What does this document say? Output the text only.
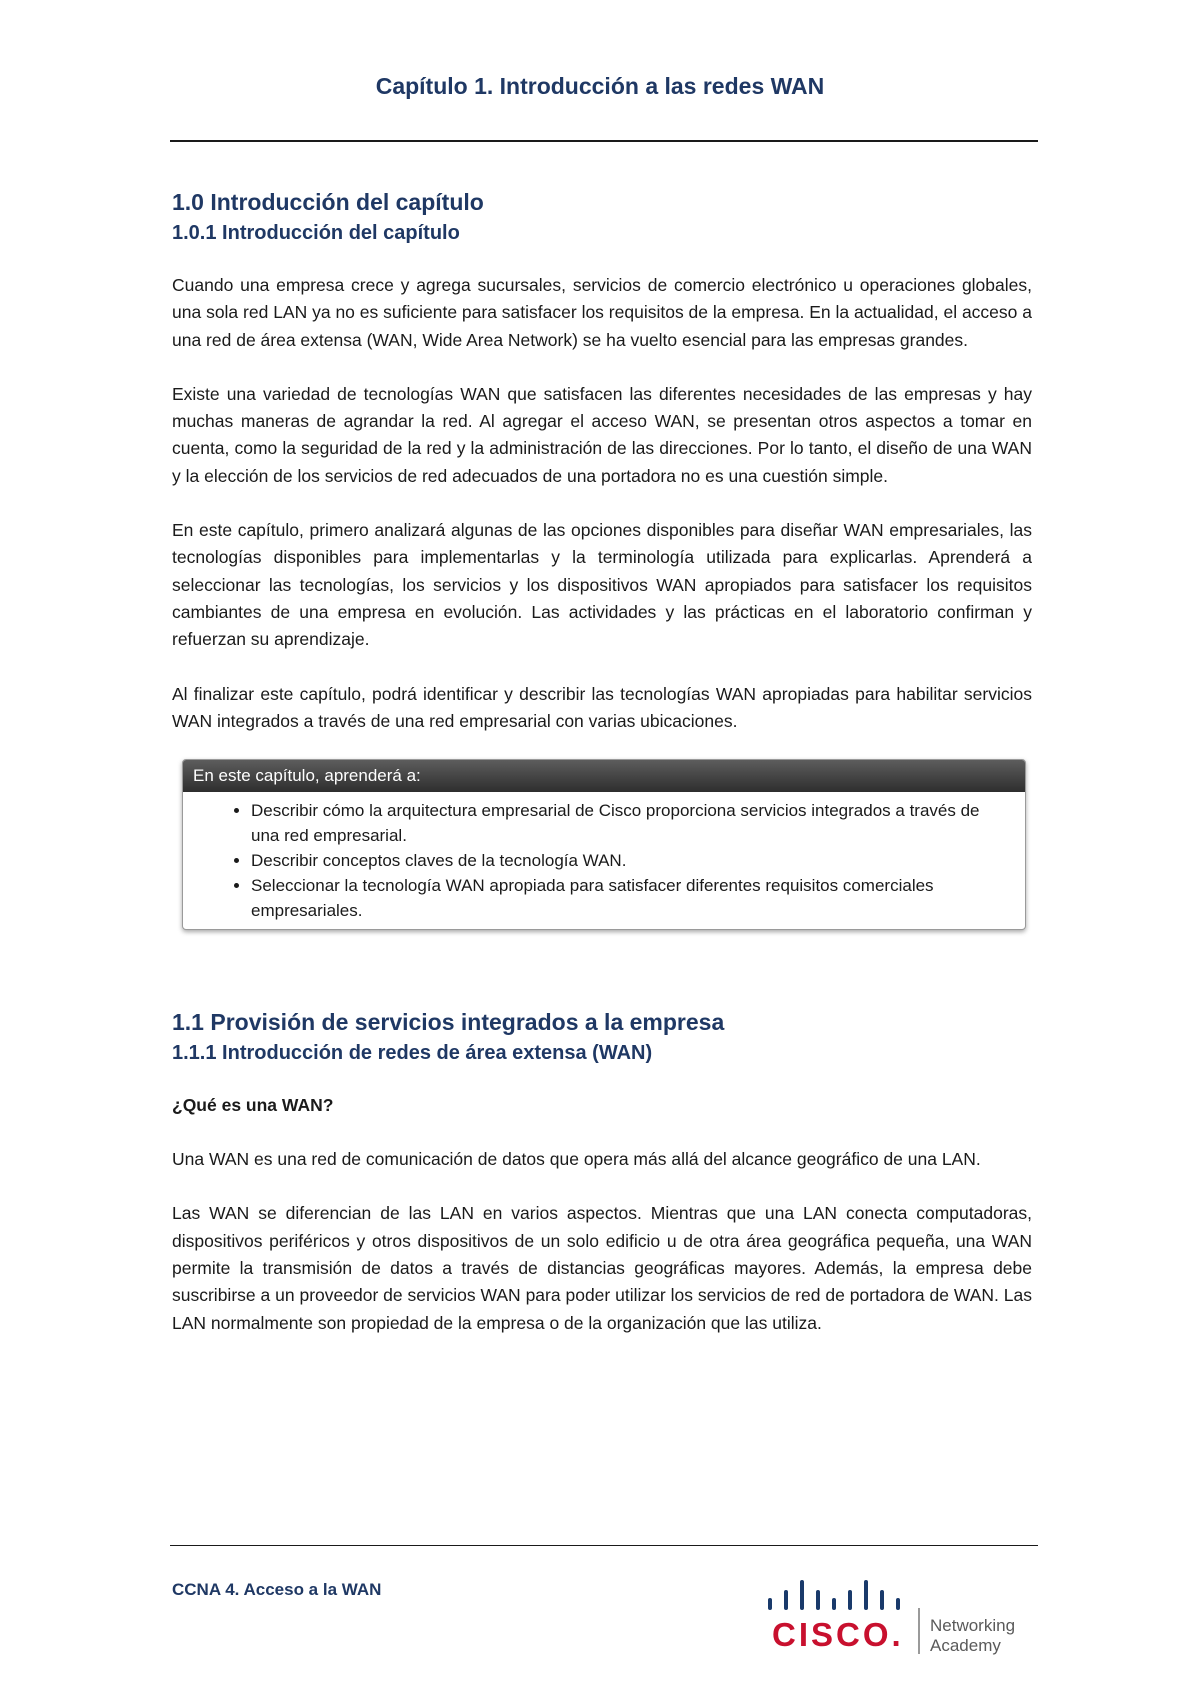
Capítulo 1. Introducción a las redes WAN
1.0 Introducción del capítulo
1.0.1 Introducción del capítulo

Cuando una empresa crece y agrega sucursales, servicios de comercio electrónico u operaciones globales, una sola red LAN ya no es suficiente para satisfacer los requisitos de la empresa. En la actualidad, el acceso a una red de área extensa (WAN, Wide Area Network) se ha vuelto esencial para las empresas grandes.

Existe una variedad de tecnologías WAN que satisfacen las diferentes necesidades de las empresas y hay muchas maneras de agrandar la red. Al agregar el acceso WAN, se presentan otros aspectos a tomar en cuenta, como la seguridad de la red y la administración de las direcciones. Por lo tanto, el diseño de una WAN y la elección de los servicios de red adecuados de una portadora no es una cuestión simple.

En este capítulo, primero analizará algunas de las opciones disponibles para diseñar WAN empresariales, las tecnologías disponibles para implementarlas y la terminología utilizada para explicarlas. Aprenderá a seleccionar las tecnologías, los servicios y los dispositivos WAN apropiados para satisfacer los requisitos cambiantes de una empresa en evolución. Las actividades y las prácticas en el laboratorio confirman y refuerzan su aprendizaje.

Al finalizar este capítulo, podrá identificar y describir las tecnologías WAN apropiadas para habilitar servicios WAN integrados a través de una red empresarial con varias ubicaciones.

En este capítulo, aprenderá a:
• Describir cómo la arquitectura empresarial de Cisco proporciona servicios integrados a través de una red empresarial.
• Describir conceptos claves de la tecnología WAN.
• Seleccionar la tecnología WAN apropiada para satisfacer diferentes requisitos comerciales empresariales.
1.1 Provisión de servicios integrados a la empresa
1.1.1 Introducción de redes de área extensa (WAN)

¿Qué es una WAN?

Una WAN es una red de comunicación de datos que opera más allá del alcance geográfico de una LAN.

Las WAN se diferencian de las LAN en varios aspectos. Mientras que una LAN conecta computadoras, dispositivos periféricos y otros dispositivos de un solo edificio u de otra área geográfica pequeña, una WAN permite la transmisión de datos a través de distancias geográficas mayores. Además, la empresa debe suscribirse a un proveedor de servicios WAN para poder utilizar los servicios de red de portadora de WAN. Las LAN normalmente son propiedad de la empresa o de la organización que las utiliza.

CCNA 4. Acceso a la WAN
CISCO. Networking
Academy
